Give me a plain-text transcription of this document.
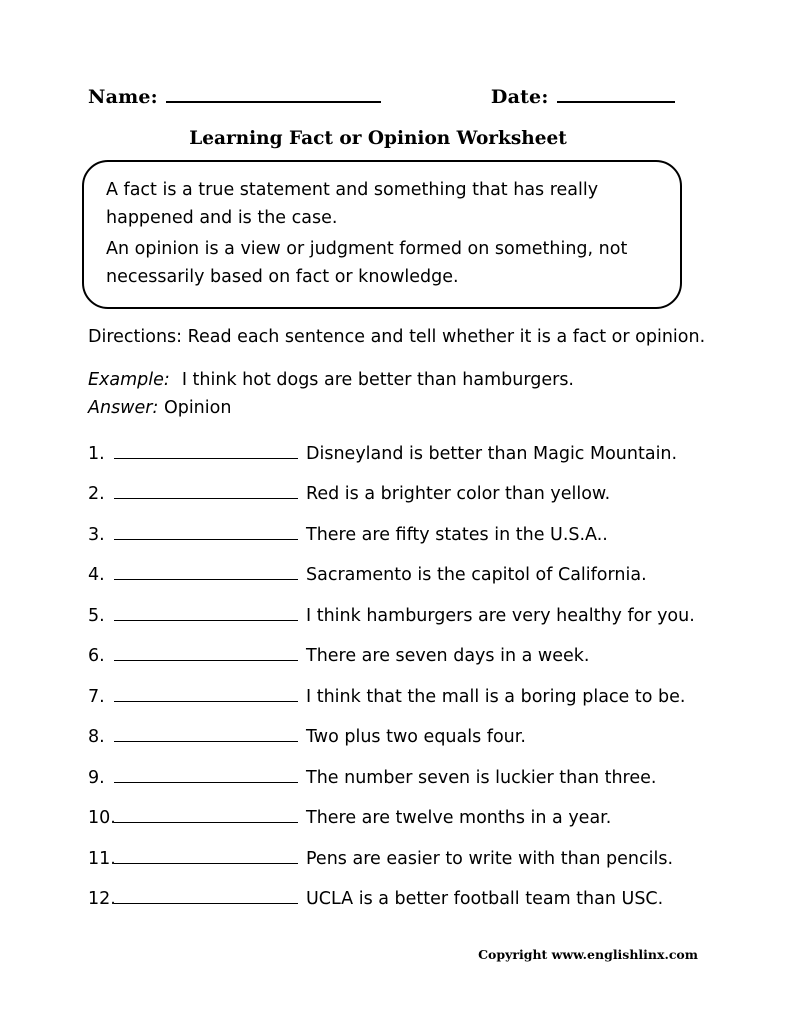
Name:	Date:
Learning Fact or Opinion Worksheet

A fact is a true statement and something that has really happened and is the case.

An opinion is a view or judgment formed on something, not necessarily based on fact or knowledge.

Directions: Read each sentence and tell whether it is a fact or opinion.
Example: I think hot dogs are better than hamburgers.
Answer: Opinion
1.	Disneyland is better than Magic Mountain.
2.	Red is a brighter color than yellow.
3.	There are fifty states in the U.S.A..
4.	Sacramento is the capitol of California.
5.	I think hamburgers are very healthy for you.
6.	There are seven days in a week.
7.	I think that the mall is a boring place to be.
8.	Two plus two equals four.
9.	The number seven is luckier than three.
10.	There are twelve months in a year.
11.	Pens are easier to write with than pencils.
12.	UCLA is a better football team than USC.
Copyright www.englishlinx.com
